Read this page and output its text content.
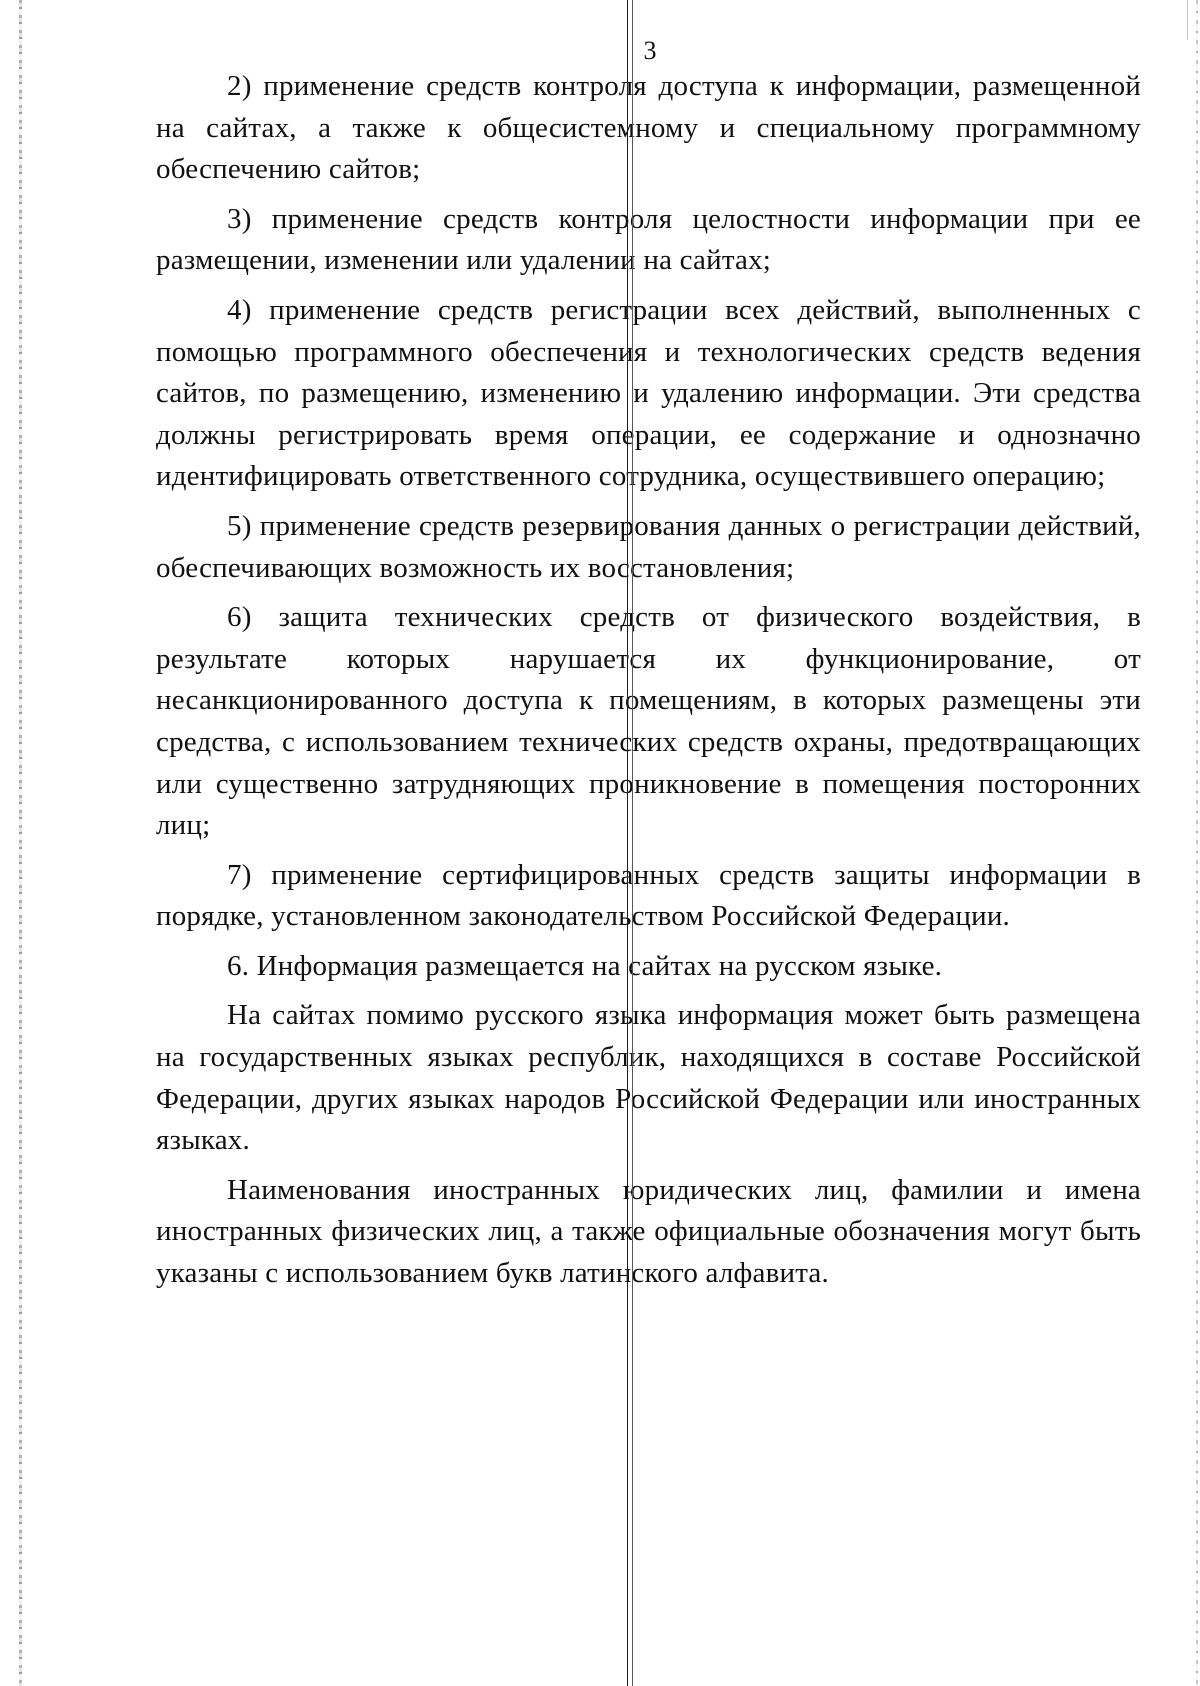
3

2) применение средств контроля доступа к информации, размещенной на сайтах, а также к общесистемному и специальному программному обеспечению сайтов;

3) применение средств контроля целостности информации при ее размещении, изменении или удалении на сайтах;

4) применение средств регистрации всех действий, выполненных с помощью программного обеспечения и технологических средств ведения сайтов, по размещению, изменению и удалению информации. Эти средства должны регистрировать время операции, ее содержание и однозначно идентифицировать ответственного сотрудника, осуществившего операцию;

5) применение средств резервирования данных о регистрации действий, обеспечивающих возможность их восстановления;

6) защита технических средств от физического воздействия, в результате которых нарушается их функционирование, от несанкционированного доступа к помещениям, в которых размещены эти средства, с использованием технических средств охраны, предотвращающих или существенно затрудняющих проникновение в помещения посторонних лиц;

7) применение сертифицированных средств защиты информации в порядке, установленном законодательством Российской Федерации.

6. Информация размещается на сайтах на русском языке.

На сайтах помимо русского языка информация может быть размещена на государственных языках республик, находящихся в составе Российской Федерации, других языках народов Российской Федерации или иностранных языках.

Наименования иностранных юридических лиц, фамилии и имена иностранных физических лиц, а также официальные обозначения могут быть указаны с использованием букв латинского алфавита.
